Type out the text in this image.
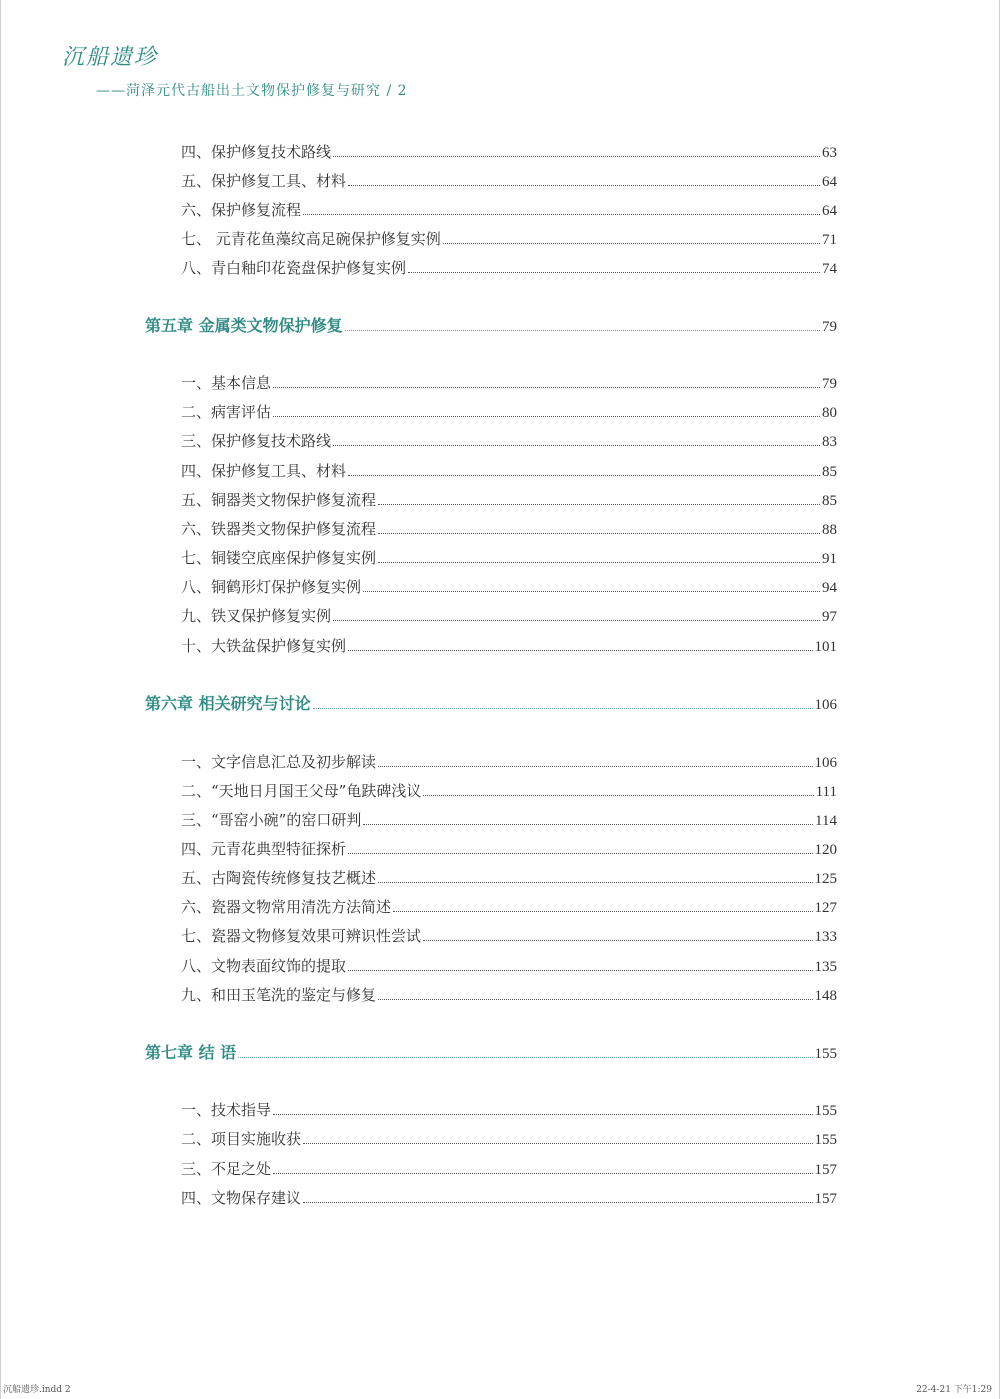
沉船遗珍
——菏泽元代古船出土文物保护修复与研究 / 2
四、保护修复技术路线	63
五、保护修复工具、材料	64
六、保护修复流程	64
七、 元青花鱼藻纹高足碗保护修复实例	71
八、青白釉印花瓷盘保护修复实例	74
第五章 金属类文物保护修复	79
一、基本信息	79
二、病害评估	80
三、保护修复技术路线	83
四、保护修复工具、材料	85
五、铜器类文物保护修复流程	85
六、铁器类文物保护修复流程	88
七、铜镂空底座保护修复实例	91
八、铜鹤形灯保护修复实例	94
九、铁叉保护修复实例	97
十、大铁盆保护修复实例	101
第六章 相关研究与讨论	106
一、文字信息汇总及初步解读	106
二、“天地日月国王父母”龟趺碑浅议	111
三、“哥窑小碗”的窑口研判	114
四、元青花典型特征探析	120
五、古陶瓷传统修复技艺概述	125
六、瓷器文物常用清洗方法简述	127
七、瓷器文物修复效果可辨识性尝试	133
八、文物表面纹饰的提取	135
九、和田玉笔洗的鉴定与修复	148
第七章 结 语	155
一、技术指导	155
二、项目实施收获	155
三、不足之处	157
四、文物保存建议	157
沉船遗珍.indd 2	22-4-21 下午1:29
